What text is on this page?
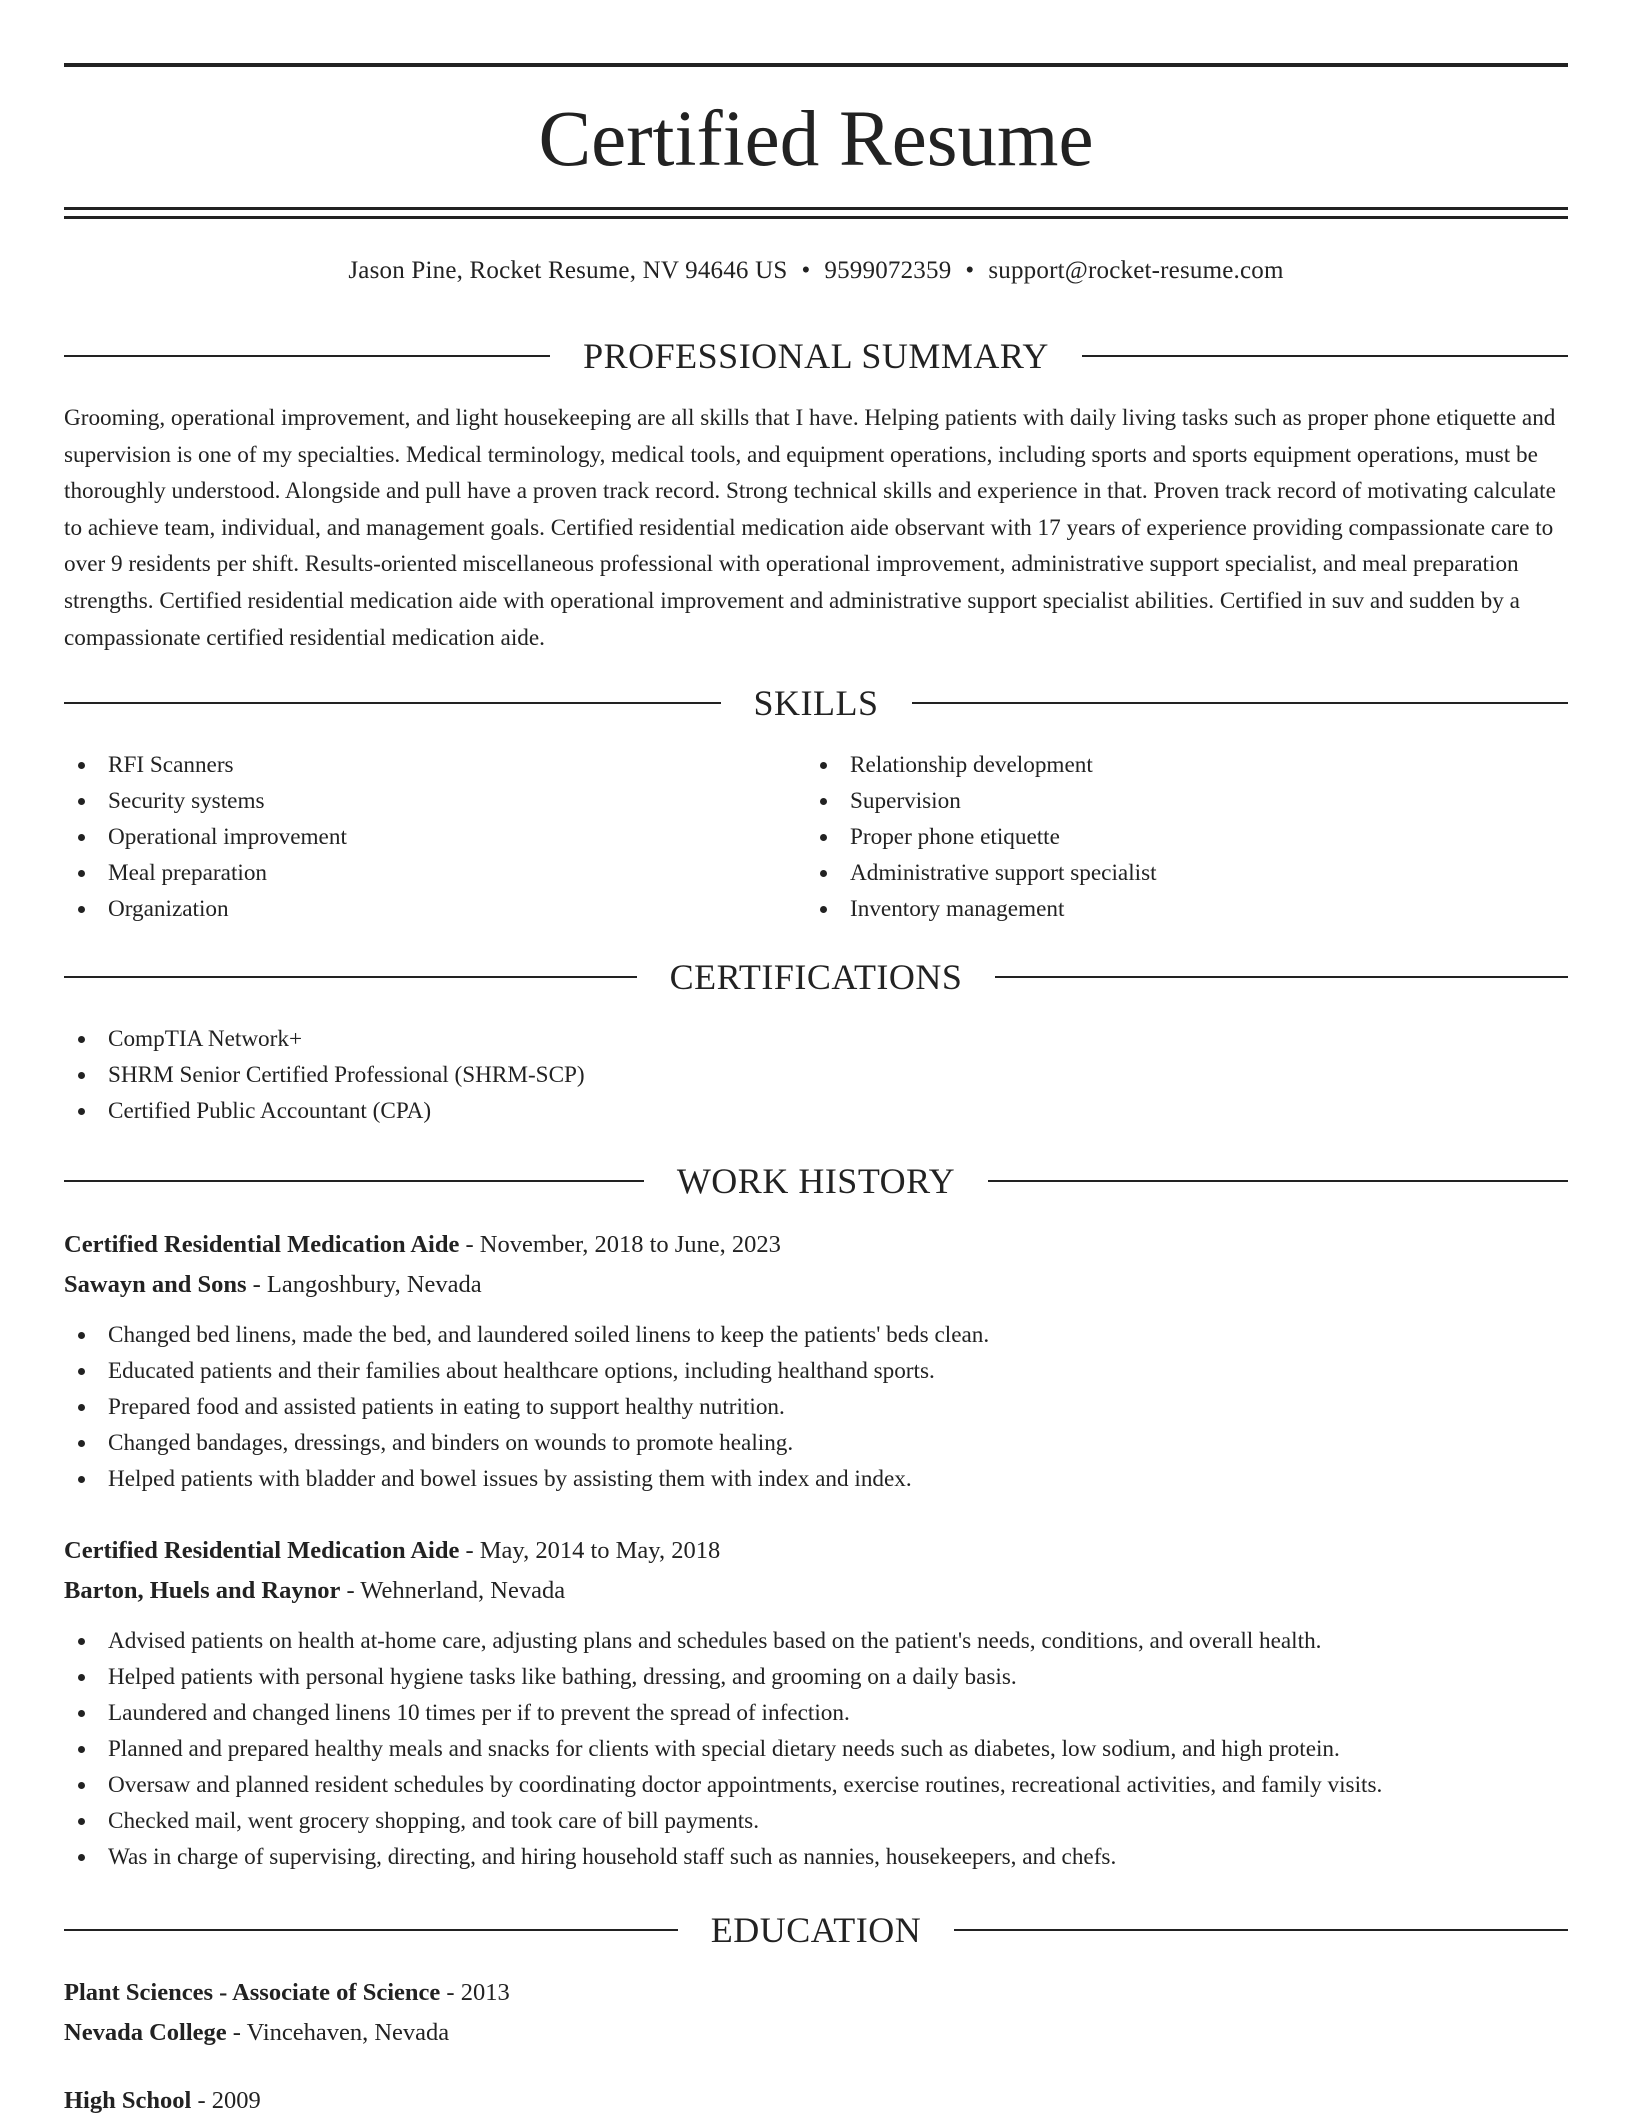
Certified Resume
Jason Pine, Rocket Resume, NV 94646 US • 9599072359 • support@rocket-resume.com
PROFESSIONAL SUMMARY

Grooming, operational improvement, and light housekeeping are all skills that I have. Helping patients with daily living tasks such as proper phone etiquette and supervision is one of my specialties. Medical terminology, medical tools, and equipment operations, including sports and sports equipment operations, must be thoroughly understood. Alongside and pull have a proven track record. Strong technical skills and experience in that. Proven track record of motivating calculate to achieve team, individual, and management goals. Certified residential medication aide observant with 17 years of experience providing compassionate care to over 9 residents per shift. Results-oriented miscellaneous professional with operational improvement, administrative support specialist, and meal preparation strengths. Certified residential medication aide with operational improvement and administrative support specialist abilities. Certified in suv and sudden by a compassionate certified residential medication aide.

SKILLS
RFI Scanners
Security systems
Operational improvement
Meal preparation
Organization
Relationship development
Supervision
Proper phone etiquette
Administrative support specialist
Inventory management
CERTIFICATIONS
CompTIA Network+
SHRM Senior Certified Professional (SHRM-SCP)
Certified Public Accountant (CPA)
WORK HISTORY
Certified Residential Medication Aide - November, 2018 to June, 2023
Sawayn and Sons - Langoshbury, Nevada
Changed bed linens, made the bed, and laundered soiled linens to keep the patients' beds clean.
Educated patients and their families about healthcare options, including healthand sports.
Prepared food and assisted patients in eating to support healthy nutrition.
Changed bandages, dressings, and binders on wounds to promote healing.
Helped patients with bladder and bowel issues by assisting them with index and index.
Certified Residential Medication Aide - May, 2014 to May, 2018
Barton, Huels and Raynor - Wehnerland, Nevada
Advised patients on health at-home care, adjusting plans and schedules based on the patient's needs, conditions, and overall health.
Helped patients with personal hygiene tasks like bathing, dressing, and grooming on a daily basis.
Laundered and changed linens 10 times per if to prevent the spread of infection.
Planned and prepared healthy meals and snacks for clients with special dietary needs such as diabetes, low sodium, and high protein.
Oversaw and planned resident schedules by coordinating doctor appointments, exercise routines, recreational activities, and family visits.
Checked mail, went grocery shopping, and took care of bill payments.
Was in charge of supervising, directing, and hiring household staff such as nannies, housekeepers, and chefs.
EDUCATION
Plant Sciences - Associate of Science - 2013
Nevada College - Vincehaven, Nevada
High School - 2009
